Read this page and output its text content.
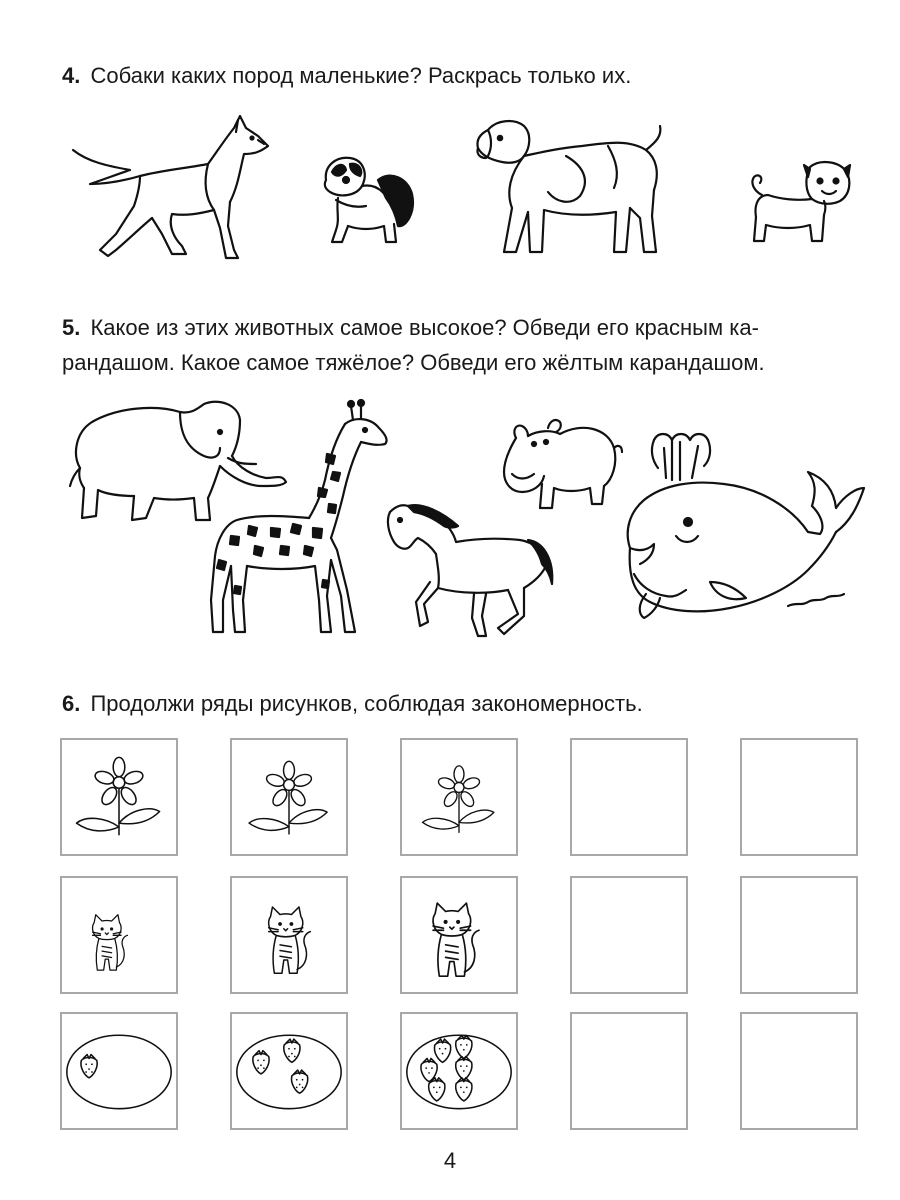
4. Собаки каких пород маленькие? Раскрась только их.

5. Какое из этих животных самое высокое? Обведи его красным ка-
рандашом. Какое самое тяжёлое? Обведи его жёлтым карандашом.

6. Продолжи ряды рисунков, соблюдая закономерность.

4
